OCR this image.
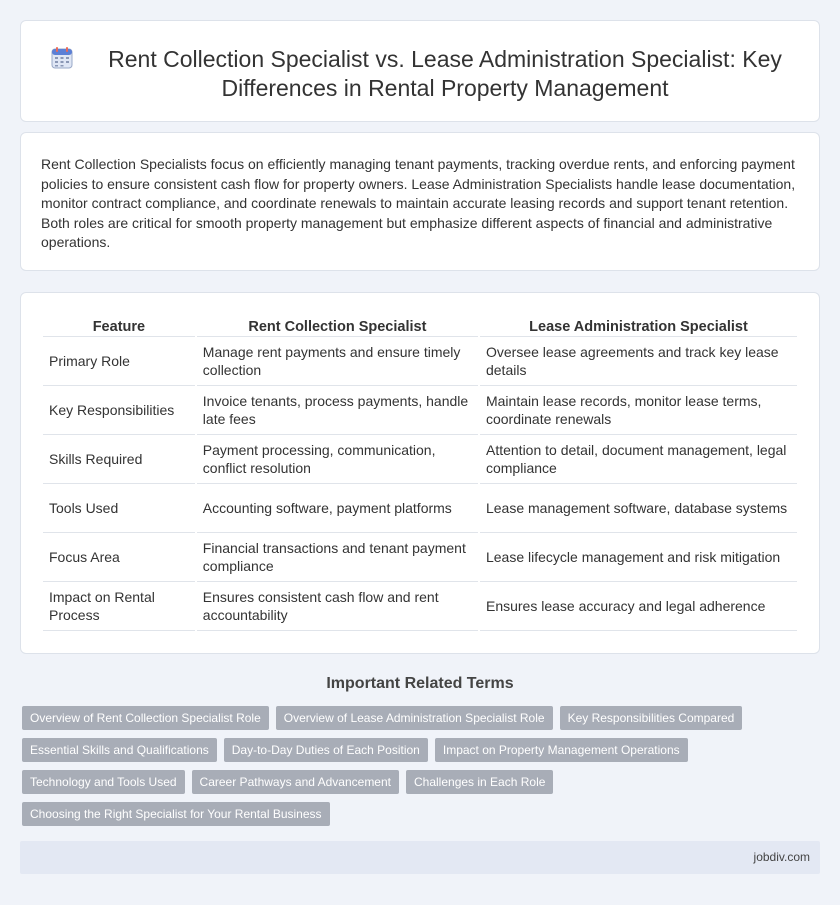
Rent Collection Specialist vs. Lease Administration Specialist: Key Differences in Rental Property Management

Rent Collection Specialists focus on efficiently managing tenant payments, tracking overdue rents, and enforcing payment policies to ensure consistent cash flow for property owners. Lease Administration Specialists handle lease documentation, monitor contract compliance, and coordinate renewals to maintain accurate leasing records and support tenant retention. Both roles are critical for smooth property management but emphasize different aspects of financial and administrative operations.

Feature	Rent Collection Specialist	Lease Administration Specialist
Primary Role	Manage rent payments and ensure timely collection	Oversee lease agreements and track key lease details
Key Responsibilities	Invoice tenants, process payments, handle late fees	Maintain lease records, monitor lease terms, coordinate renewals
Skills Required	Payment processing, communication, conflict resolution	Attention to detail, document management, legal compliance
Tools Used	Accounting software, payment platforms	Lease management software, database systems
Focus Area	Financial transactions and tenant payment compliance	Lease lifecycle management and risk mitigation
Impact on Rental Process	Ensures consistent cash flow and rent accountability	Ensures lease accuracy and legal adherence
Important Related Terms
Overview of Rent Collection Specialist Role	Overview of Lease Administration Specialist Role	Key Responsibilities Compared
Essential Skills and Qualifications	Day-to-Day Duties of Each Position	Impact on Property Management Operations
Technology and Tools Used	Career Pathways and Advancement	Challenges in Each Role
Choosing the Right Specialist for Your Rental Business
jobdiv.com
